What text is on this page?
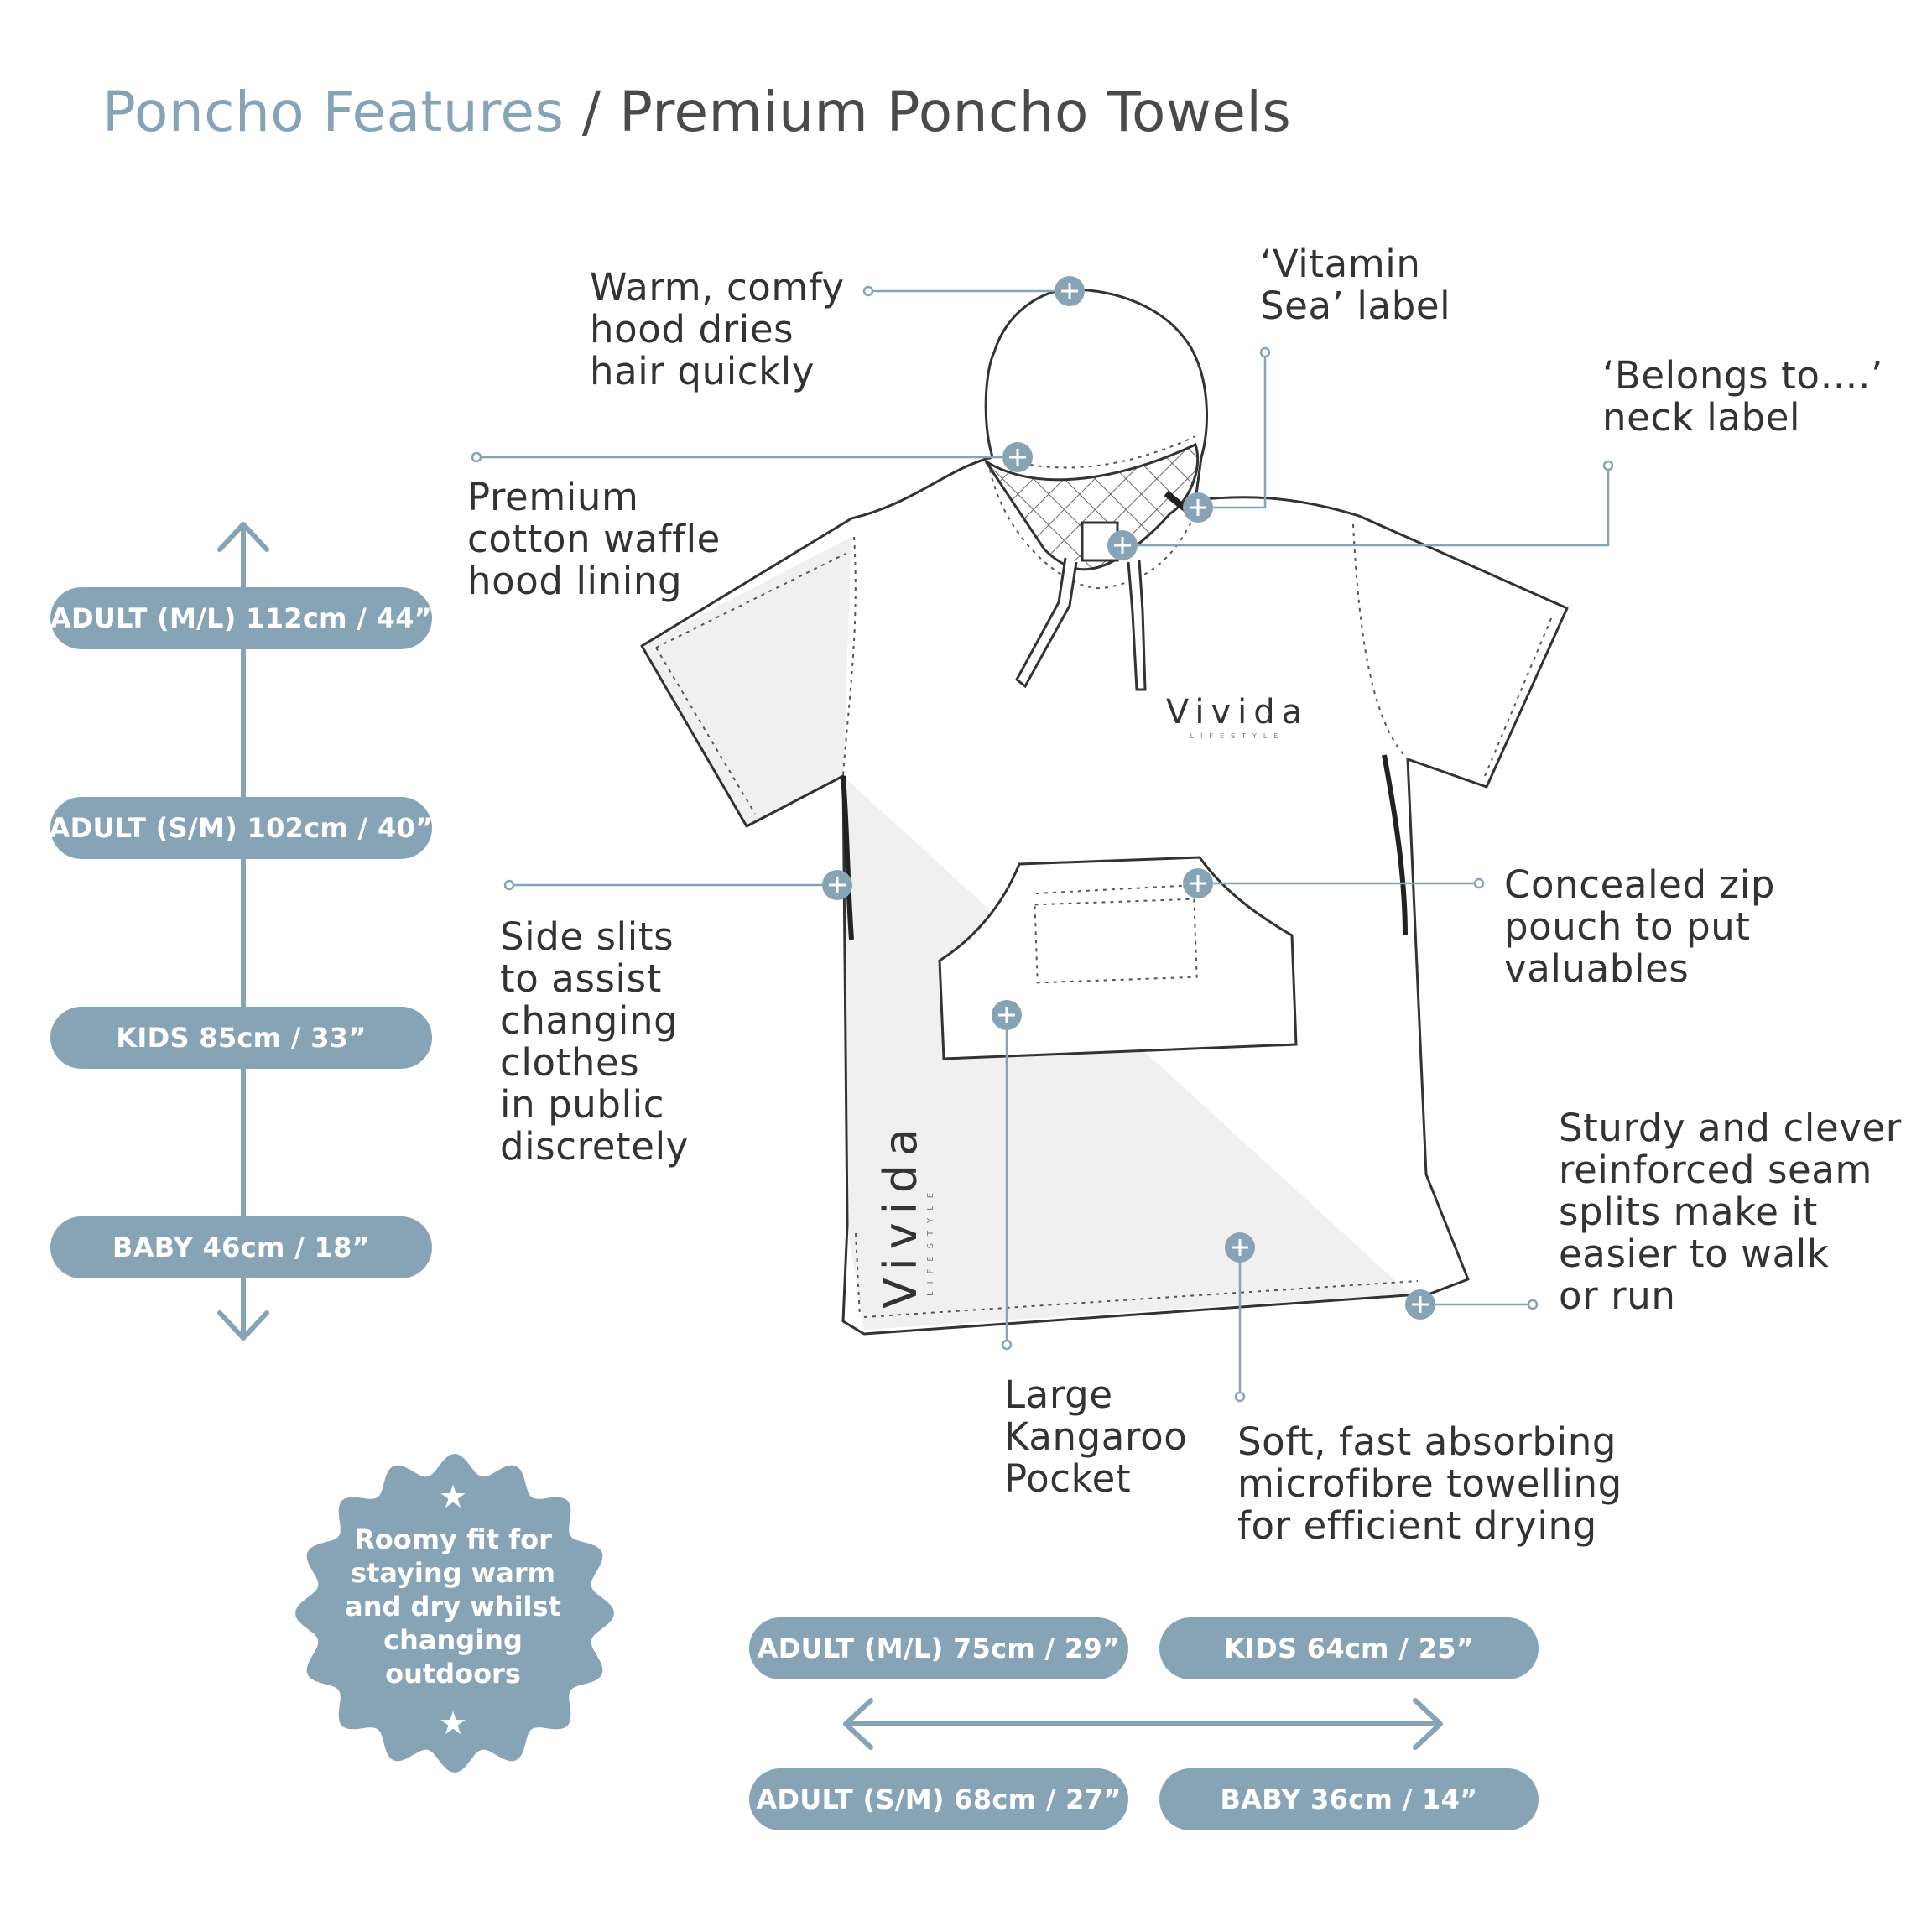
Poncho Features / Premium Poncho Towels
Vivida
LIFESTYLE
Vivida LIFESTYLE
Warm, comfy
hood dries
hair quickly
‘Vitamin
Sea’ label
‘Belongs to….’
neck label
Premium
cotton waffle
hood lining
Side slits
to assist
changing
clothes
in public
discretely
Concealed zip
pouch to put
valuables
Sturdy and clever
reinforced seam
splits make it
easier to walk
or run
Large
Kangaroo
Pocket
Soft, fast absorbing
microfibre towelling
for efficient drying
ADULT (M/L) 112cm / 44”
ADULT (S/M) 102cm / 40”
KIDS 85cm / 33”
BABY 46cm / 18”
ADULT (M/L) 75cm / 29”	KIDS 64cm / 25”
ADULT (S/M) 68cm / 27”	BABY 36cm / 14”
★
Roomy fit for
staying warm
and dry whilst
changing
outdoors
★
